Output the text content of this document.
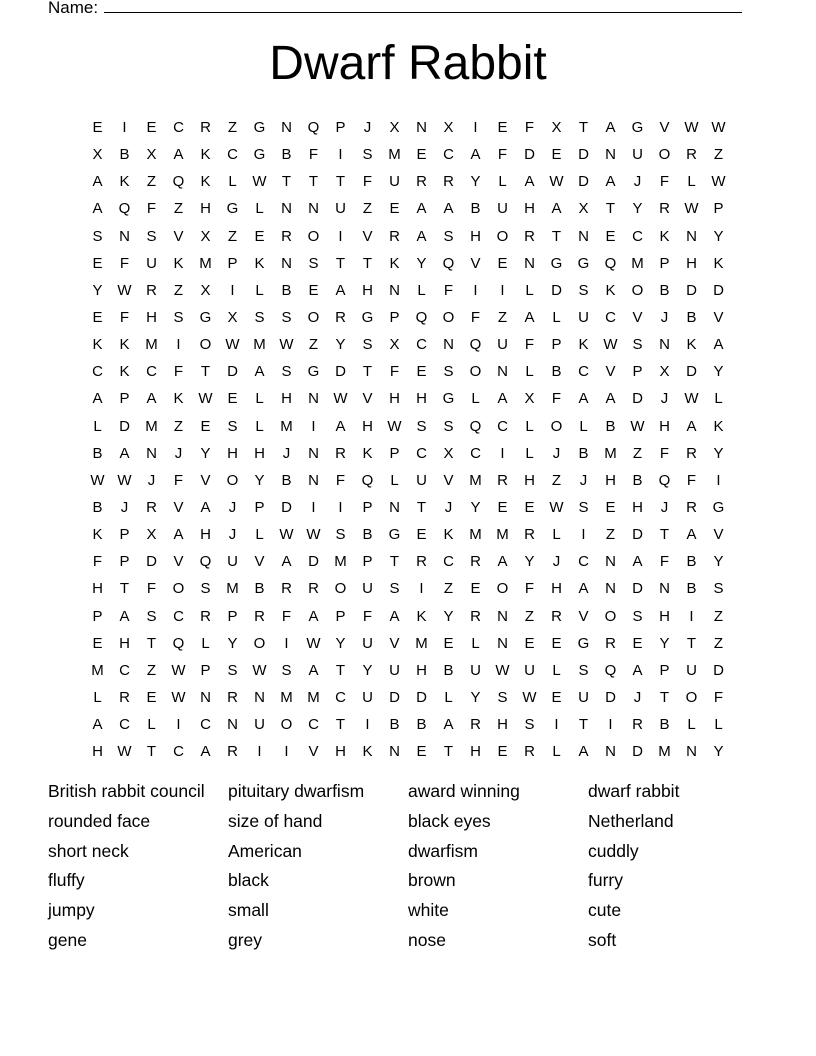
Name:
Dwarf Rabbit
E	I	E	C	R	Z	G	N	Q	P	J	X	N	X	I	E	F	X	T	A	G	V W W
X	B	X	A	K	C	G	B	F	I	S	M	E	C	A	F	D	E	D	N	U	O	R	Z
A	K	Z	Q	K	L	W	T	T	T	F	U	R	R	Y	L	A W D	A	J	F	L	W
A	Q	F	Z	H	G	L	N	N	U	Z	E	A	A	B	U	H	A	X	T	Y	R W P
S	N	S	V	X	Z	E	R	O	I	V	R	A	S	H	O	R	T	N	E	C	K	N	Y
E	F	U	K	M	P	K	N	S	T	T	K	Y	Q	V	E	N	G	G	Q M	P	H	K
Y W R	Z	X	I	L	B	E	A	H	N	L	F	I	I	L	D	S	K	O	B	D	D
E	F	H	S	G	X	S	S	O	R	G	P	Q	O	F	Z	A	L	U	C	V	J	B	V
K	K	M	I	O W M W	Z	Y	S	X	C	N	Q	U	F	P	K W S	N	K	A
C	K	C	F	T	D	A	S	G	D	T	F	E	S	O	N	L	B	C	V	P	X	D	Y
A	P	A	K W E	L	H	N W V	H	H	G	L	A	X	F	A	A	D	J	W	L
L	D	M	Z	E	S	L	M	I	A	H W S	S	Q	C	L	O	L	B W H	A	K
B	A	N	J	Y	H	H	J	N	R	K	P	C	X	C	I	L	J	B	M	Z	F	R	Y
W W	J	F	V	O	Y	B	N	F	Q	L	U	V	M	R	H	Z	J	H	B	Q	F	I
B	J	R	V	A	J	P	D	I	I	P	N	T	J	Y	E	E W S	E	H	J	R	G
K	P	X	A	H	J	L	W W S	B	G	E	K	M M	R	L	I	Z	D	T	A	V
F	P	D	V	Q	U	V	A	D	M	P	T	R	C	R	A	Y	J	C	N	A	F	B	Y
H	T	F	O	S	M	B	R	R	O	U	S	I	Z	E	O	F	H	A	N	D	N	B	S
P	A	S	C	R	P	R	F	A	P	F	A	K	Y	R	N	Z	R	V	O	S	H	I	Z
E	H	T	Q	L	Y	O	I	W Y	U	V	M	E	L	N	E	E	G	R	E	Y	T	Z
M	C	Z	W P	S W S	A	T	Y	U	H	B	U W U	L	S	Q	A	P	U	D
L	R	E W N	R	N	M M	C	U	D	D	L	Y	S W E	U	D	J	T	O	F
A	C	L	I	C	N	U	O	C	T	I	B	B	A	R	H	S	I	T	I	R	B	L	L
H W	T	C	A	R	I	I	V	H	K	N	E	T	H	E	R	L	A	N	D	M	N	Y
British rabbit council	pituitary dwarfism	award winning	dwarf rabbit
rounded face	size of hand	black eyes	Netherland
short neck	American	dwarfism	cuddly
fluffy	black	brown	furry
jumpy	small	white	cute
gene	grey	nose	soft
